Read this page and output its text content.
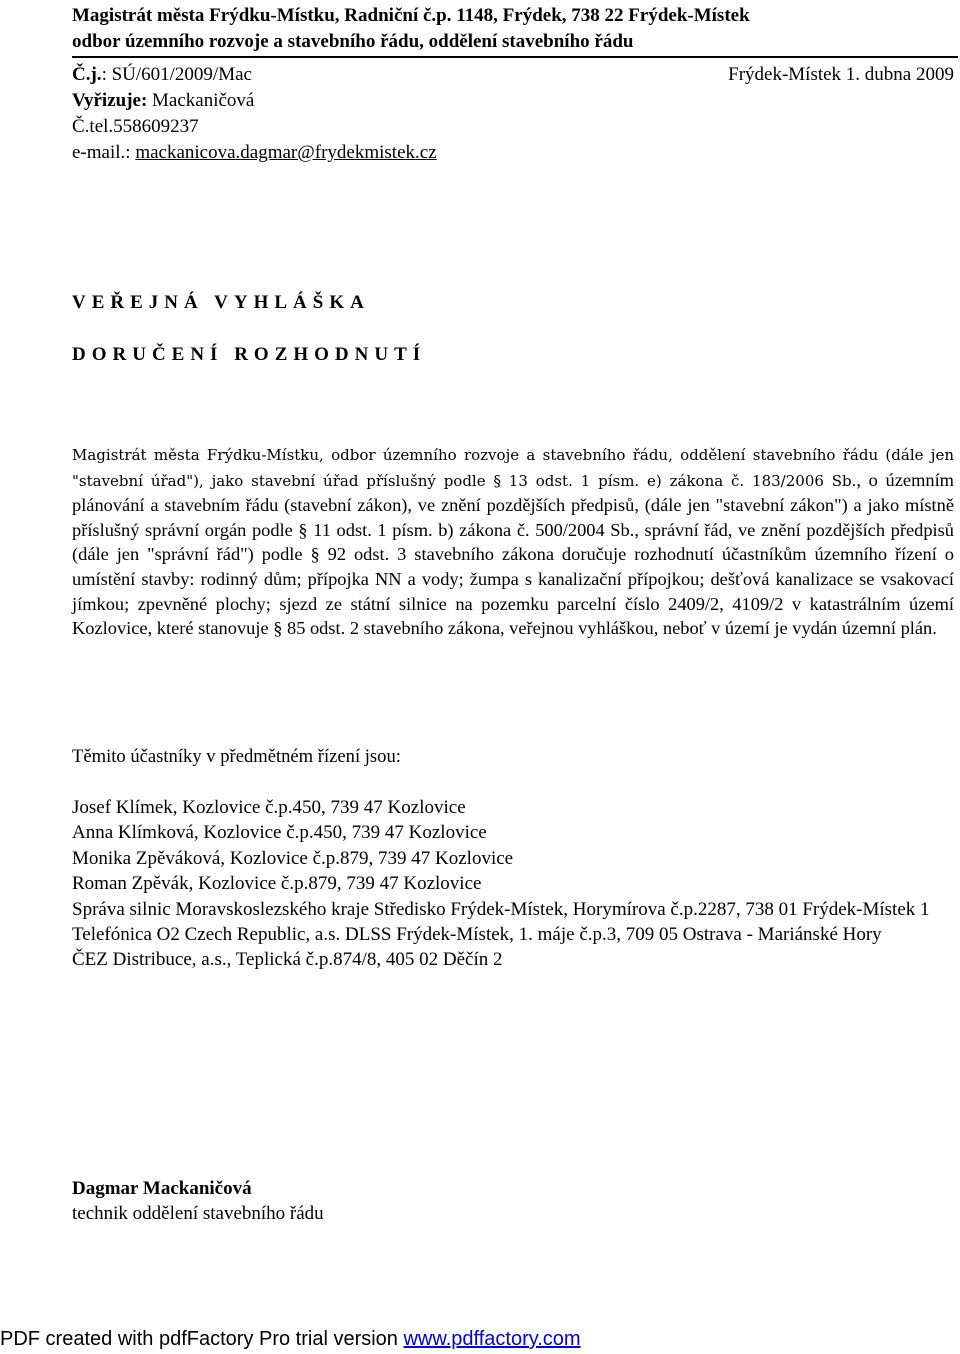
Magistrát města Frýdku-Místku, Radniční č.p. 1148, Frýdek, 738 22 Frýdek-Místek
odbor územního rozvoje a stavebního řádu, oddělení stavebního řádu
Č.j.: SÚ/601/2009/Mac	Frýdek-Místek 1. dubna 2009
Vyřizuje: Mackaničová
Č.tel.558609237
e-mail.: mackanicova.dagmar@frydekmistek.cz
VEŘEJNÁ VYHLÁŠKA
DORUČENÍ ROZHODNUTÍ
Magistrát města Frýdku-Místku, odbor územního rozvoje a stavebního řádu, oddělení stavebního řádu (dále jen "stavební úřad"), jako stavební úřad příslušný podle § 13 odst. 1 písm. e) zákona č. 183/2006 Sb., o územním plánování a stavebním řádu (stavební zákon), ve znění pozdějších předpisů, (dále jen "stavební zákon") a jako místně příslušný správní orgán podle § 11 odst. 1 písm. b) zákona č. 500/2004 Sb., správní řád, ve znění pozdějších předpisů (dále jen "správní řád") podle § 92 odst. 3 stavebního zákona doručuje rozhodnutí účastníkům územního řízení o umístění stavby: rodinný dům; přípojka NN a vody; žumpa s kanalizační přípojkou; dešťová kanalizace se vsakovací jímkou; zpevněné plochy; sjezd ze státní silnice na pozemku parcelní číslo 2409/2, 4109/2 v katastrálním území Kozlovice, které stanovuje § 85 odst. 2 stavebního zákona, veřejnou vyhláškou, neboť v území je vydán územní plán.
Těmito účastníky v předmětném řízení jsou:
Josef Klímek, Kozlovice č.p.450, 739 47 Kozlovice
Anna Klímková, Kozlovice č.p.450, 739 47 Kozlovice
Monika Zpěváková, Kozlovice č.p.879, 739 47 Kozlovice
Roman Zpěvák, Kozlovice č.p.879, 739 47 Kozlovice
Správa silnic Moravskoslezského kraje Středisko Frýdek-Místek, Horymírova č.p.2287, 738 01 Frýdek-Místek 1
Telefónica O2 Czech Republic, a.s. DLSS Frýdek-Místek, 1. máje č.p.3, 709 05 Ostrava - Mariánské Hory
ČEZ Distribuce, a.s., Teplická č.p.874/8, 405 02 Děčín 2
Dagmar Mackaničová
technik oddělení stavebního řádu
PDF created with pdfFactory Pro trial version www.pdffactory.com
